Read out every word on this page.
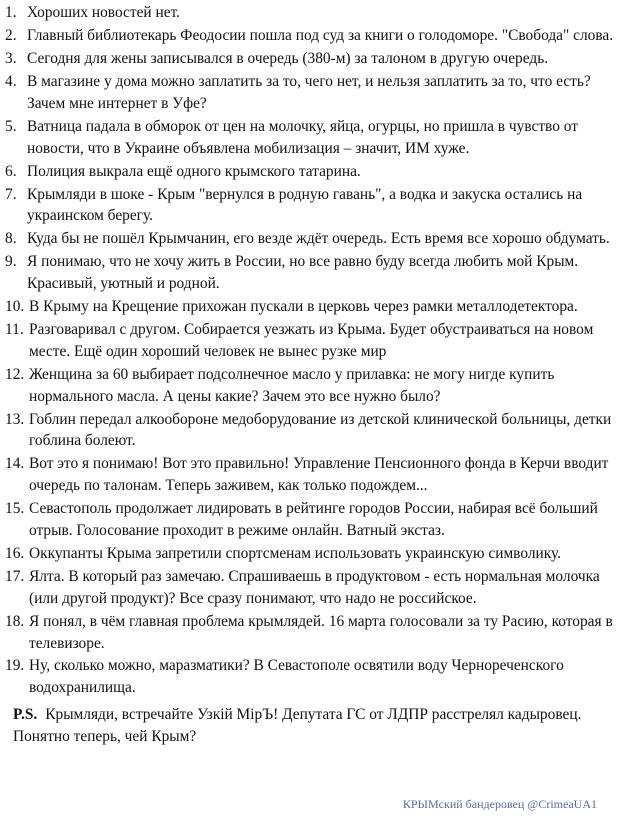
1. Хороших новостей нет.
2. Главный библиотекарь Феодосии пошла под суд за книги о голодоморе. "Свобода" слова.
3. Сегодня для жены записывался в очередь (380-м) за талоном в другую очередь.
4. В магазине у дома можно заплатить за то, чего нет, и нельзя заплатить за то, что есть? Зачем мне интернет в Уфе?
5. Ватница падала в обморок от цен на молочку, яйца, огурцы, но пришла в чувство от новости, что в Украине объявлена мобилизация – значит, ИМ хуже.
6. Полиция выкрала ещё одного крымского татарина.
7. Крымляди в шоке - Крым "вернулся в родную гавань", а водка и закуска остались на украинском берегу.
8. Куда бы не пошёл Крымчанин, его везде ждёт очередь. Есть время все хорошо обдумать.
9. Я понимаю, что не хочу жить в России, но все равно буду всегда любить мой Крым. Красивый, уютный и родной.
10. В Крыму на Крещение прихожан пускали в церковь через рамки металлодетектора.
11. Разговаривал с другом. Собирается уезжать из Крыма. Будет обустраиваться на новом месте. Ещё один хороший человек не вынес рузке мир
12. Женщина за 60 выбирает подсолнечное масло у прилавка: не могу нигде купить нормального масла. А цены какие? Зачем это все нужно было?
13. Гоблин передал алкообороне медоборудование из детской клинической больницы, детки гоблина болеют.
14. Вот это я понимаю! Вот это правильно! Управление Пенсионного фонда в Керчи вводит очередь по талонам. Теперь заживем, как только подождем...
15. Севастополь продолжает лидировать в рейтинге городов России, набирая всё больший отрыв. Голосование проходит в режиме онлайн. Ватный экстаз.
16. Оккупанты Крыма запретили спортсменам использовать украинскую символику.
17. Ялта. В который раз замечаю. Спрашиваешь в продуктовом - есть нормальная молочка (или другой продукт)? Все сразу понимают, что надо не российское.
18. Я понял, в чём главная проблема крымлядей. 16 марта голосовали за ту Расию, которая в телевизоре.
19. Ну, сколько можно, маразматики? В Севастополе освятили воду Чернореченского водохранилища.
P.S. Крымляди, встречайте Узкій МірЪ! Депутата ГС от ЛДПР расстрелял кадыровец. Понятно теперь, чей Крым?
КРЫМский бандеровец @CrimeaUA1
